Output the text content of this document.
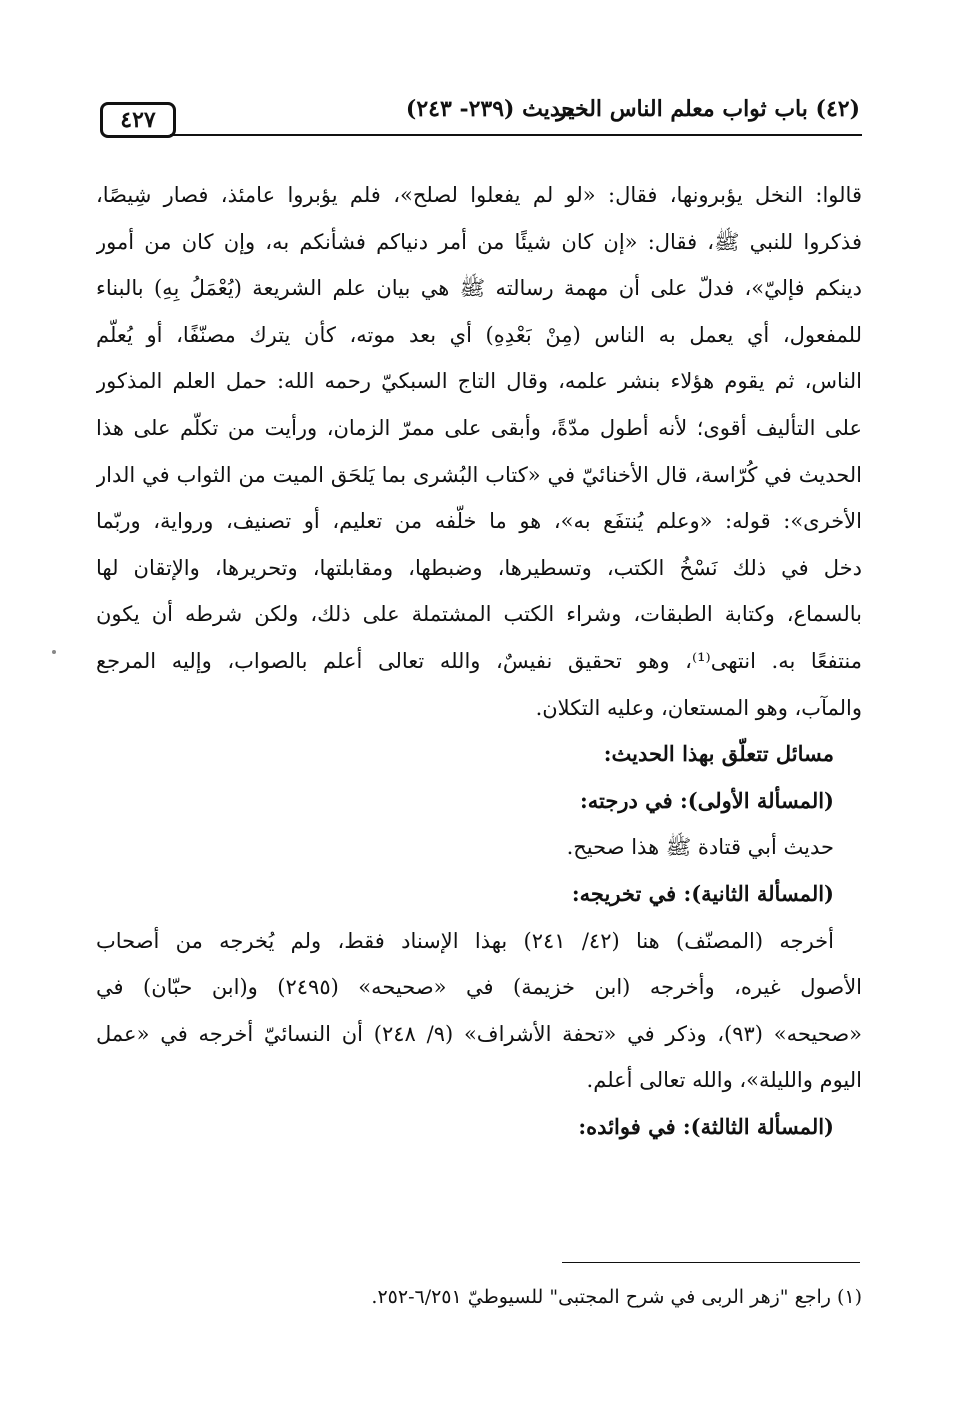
(٤٢) باب ثواب معلم الناس الخير
حديث (٢٣٩- ٢٤٣)
٤٢٧

قالوا: النخل يؤبرونها، فقال: «لو لم يفعلوا لصلح»، فلم يؤبروا عامئذ، فصار شِيصًا،

فذكروا للنبي ﷺ، فقال: «إن كان شيئًا من أمر دنياكم فشأنكم به، وإن كان من أمور

دينكم فإليّ»، فدلّ على أن مهمة رسالته ﷺ هي بيان علم الشريعة (يُعْمَلُ بِهِ) بالبناء

للمفعول، أي يعمل به الناس (مِنْ بَعْدِهِ) أي بعد موته، كأن يترك مصنّفًا، أو يُعلّم

الناس، ثم يقوم هؤلاء بنشر علمه، وقال التاج السبكيّ رحمه الله: حمل العلم المذكور

على التأليف أقوى؛ لأنه أطول مدّةً، وأبقى على ممرّ الزمان، ورأيت من تكلّم على هذا

الحديث في كُرّاسة، قال الأخنائيّ في «كتاب البُشرى بما يَلحَق الميت من الثواب في الدار

الأخرى»: قوله: «وعلم يُنتفَع به»، هو ما خلّفه من تعليم، أو تصنيف، ورواية، وربّما

دخل في ذلك نَسْخُ الكتب، وتسطيرها، وضبطها، ومقابلتها، وتحريرها، والإتقان لها

بالسماع، وكتابة الطبقات، وشراء الكتب المشتملة على ذلك، ولكن شرطه أن يكون

منتفعًا به. انتهى⁽¹⁾، وهو تحقيق نفيسٌ، والله تعالى أعلم بالصواب، وإليه المرجع

والمآب، وهو المستعان، وعليه التكلان.

مسائل تتعلّق بهذا الحديث:

(المسألة الأولى): في درجته:

حديث أبي قتادة ﷺ هذا صحيح.

(المسألة الثانية): في تخريجه:

أخرجه (المصنّف) هنا (٤٢/ ٢٤١) بهذا الإسناد فقط، ولم يُخرجه من أصحاب

الأصول غيره، وأخرجه (ابن خزيمة) في «صحيحه» (٢٤٩٥) و(ابن حبّان) في

«صحيحه» (٩٣)، وذكر في «تحفة الأشراف» (٩/ ٢٤٨) أن النسائيّ أخرجه في «عمل

اليوم والليلة»، والله تعالى أعلم.

(المسألة الثالثة): في فوائده:

(١) راجع "زهر الربى في شرح المجتبى" للسيوطيّ ٦/٢٥١-٢٥٢.
